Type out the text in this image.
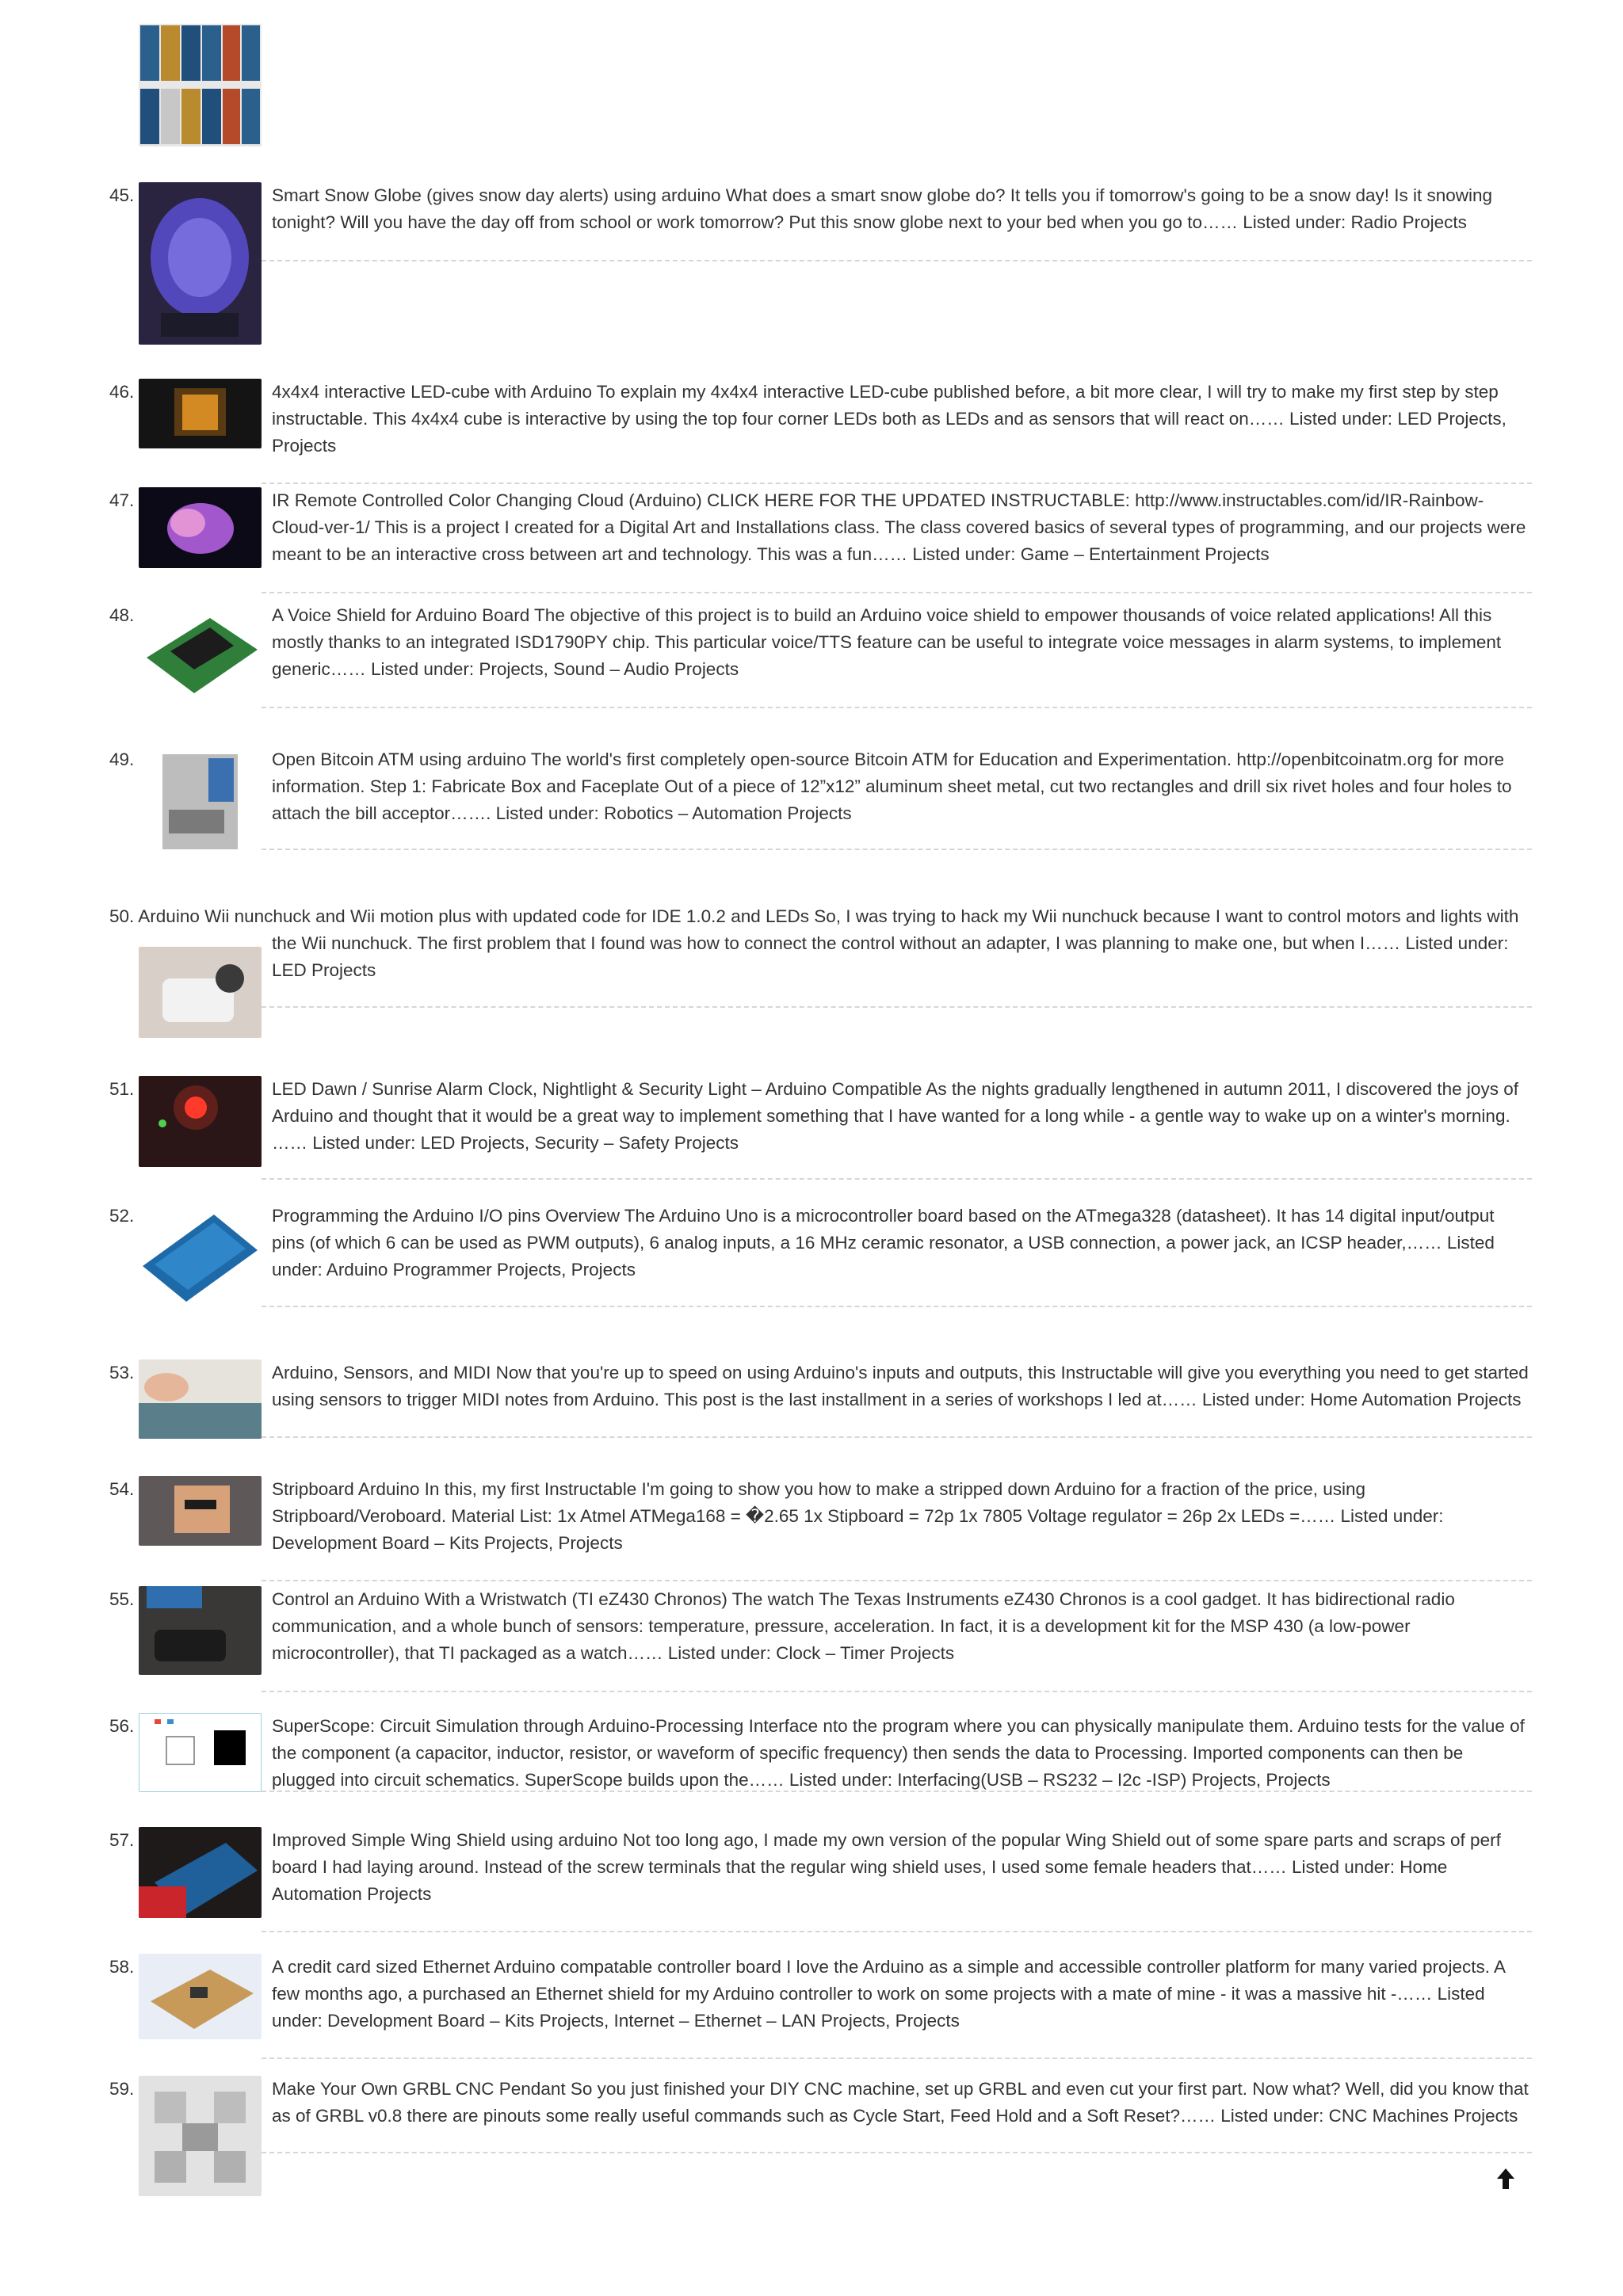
45.	Smart Snow Globe (gives snow day alerts) using arduino What does a smart snow globe do? It tells you if tomorrow's going to be a snow day! Is it snowing tonight? Will you have the day off from school or work tomorrow? Put this snow globe next to your bed when you go to…… Listed under: Radio Projects
46.	4x4x4 interactive LED-cube with Arduino To explain my 4x4x4 interactive LED-cube published before, a bit more clear, I will try to make my first step by step instructable. This 4x4x4 cube is interactive by using the top four corner LEDs both as LEDs and as sensors that will react on…… Listed under: LED Projects, Projects
47.	IR Remote Controlled Color Changing Cloud (Arduino) CLICK HERE FOR THE UPDATED INSTRUCTABLE: http://www.instructables.com/id/IR-Rainbow-Cloud-ver-1/ This is a project I created for a Digital Art and Installations class. The class covered basics of several types of programming, and our projects were meant to be an interactive cross between art and technology. This was a fun…… Listed under: Game – Entertainment Projects
48.	A Voice Shield for Arduino Board The objective of this project is to build an Arduino voice shield to empower thousands of voice related applications! All this mostly thanks to an integrated ISD1790PY chip. This particular voice/TTS feature can be useful to integrate voice messages in alarm systems, to implement generic…… Listed under: Projects, Sound – Audio Projects
49.	Open Bitcoin ATM using arduino The world's first completely open-source Bitcoin ATM for Education and Experimentation. http://openbitcoinatm.org for more information. Step 1: Fabricate Box and Faceplate Out of a piece of 12”x12” aluminum sheet metal, cut two rectangles and drill six rivet holes and four holes to attach the bill acceptor……. Listed under: Robotics – Automation Projects
50. Arduino Wii nunchuck and Wii motion plus with updated code for IDE 1.0.2 and LEDs So, I was trying to hack my Wii nunchuck because I want to control motors and lights with
the Wii nunchuck. The first problem that I found was how to connect the control without an adapter, I was planning to make one, but when I…… Listed under: LED Projects
51.	LED Dawn / Sunrise Alarm Clock, Nightlight & Security Light – Arduino Compatible As the nights gradually lengthened in autumn 2011, I discovered the joys of Arduino and thought that it would be a great way to implement something that I have wanted for a long while - a gentle way to wake up on a winter's morning. …… Listed under: LED Projects, Security – Safety Projects
52.	Programming the Arduino I/O pins Overview The Arduino Uno is a microcontroller board based on the ATmega328 (datasheet). It has 14 digital input/output pins (of which 6 can be used as PWM outputs), 6 analog inputs, a 16 MHz ceramic resonator, a USB connection, a power jack, an ICSP header,…… Listed under: Arduino Programmer Projects, Projects
53.	Arduino, Sensors, and MIDI Now that you're up to speed on using Arduino's inputs and outputs, this Instructable will give you everything you need to get started using sensors to trigger MIDI notes from Arduino. This post is the last installment in a series of workshops I led at…… Listed under: Home Automation Projects
54.	Stripboard Arduino In this, my first Instructable I'm going to show you how to make a stripped down Arduino for a fraction of the price, using Stripboard/Veroboard. Material List: 1x Atmel ATMega168 = �2.65 1x Stipboard = 72p 1x 7805 Voltage regulator = 26p 2x LEDs =…… Listed under: Development Board – Kits Projects, Projects
55.	Control an Arduino With a Wristwatch (TI eZ430 Chronos) The watch The Texas Instruments eZ430 Chronos is a cool gadget. It has bidirectional radio communication, and a whole bunch of sensors: temperature, pressure, acceleration. In fact, it is a development kit for the MSP 430 (a low-power microcontroller), that TI packaged as a watch…… Listed under: Clock – Timer Projects
56.	SuperScope: Circuit Simulation through Arduino-Processing Interface nto the program where you can physically manipulate them. Arduino tests for the value of the component (a capacitor, inductor, resistor, or waveform of specific frequency) then sends the data to Processing. Imported components can then be plugged into circuit schematics. SuperScope builds upon the…… Listed under: Interfacing(USB – RS232 – I2c -ISP) Projects, Projects
57.	Improved Simple Wing Shield using arduino Not too long ago, I made my own version of the popular Wing Shield out of some spare parts and scraps of perf board I had laying around. Instead of the screw terminals that the regular wing shield uses, I used some female headers that…… Listed under: Home Automation Projects
58.	A credit card sized Ethernet Arduino compatable controller board I love the Arduino as a simple and accessible controller platform for many varied projects. A few months ago, a purchased an Ethernet shield for my Arduino controller to work on some projects with a mate of mine - it was a massive hit -…… Listed under: Development Board – Kits Projects, Internet – Ethernet – LAN Projects, Projects
59.	Make Your Own GRBL CNC Pendant So you just finished your DIY CNC machine, set up GRBL and even cut your first part. Now what? Well, did you know that as of GRBL v0.8 there are pinouts some really useful commands such as Cycle Start, Feed Hold and a Soft Reset?…… Listed under: CNC Machines Projects
